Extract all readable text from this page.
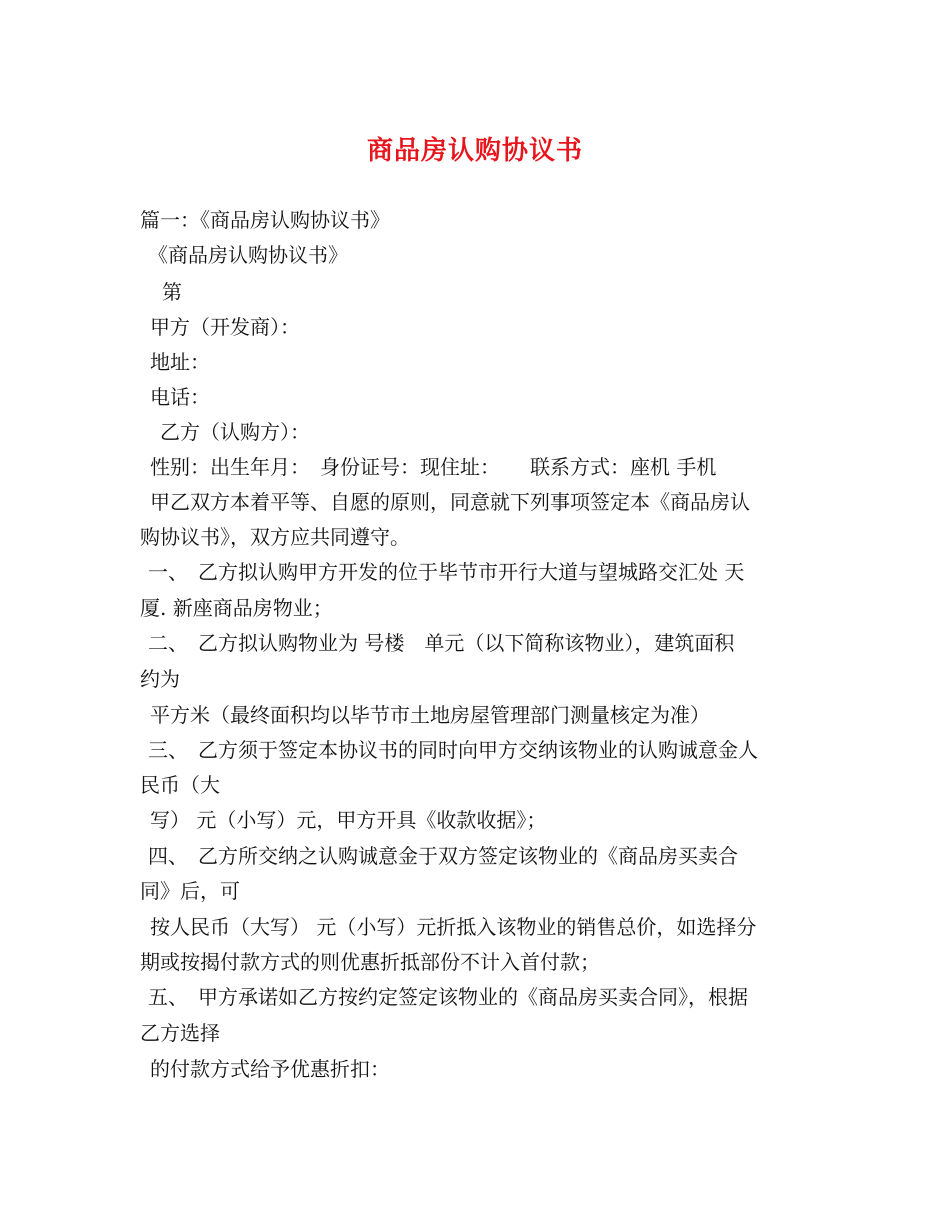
商品房认购协议书
篇一：《商品房认购协议书》
《商品房认购协议书》
第
甲方（开发商）：
地址：
电话：
乙方（认购方）：
性别：出生年月：　身份证号：现住址：　　联系方式：座机 手机
甲乙双方本着平等、自愿的原则，同意就下列事项签定本《商品房认
购协议书》，双方应共同遵守。
一、　乙方拟认购甲方开发的位于毕节市开行大道与望城路交汇处 天
厦. 新座商品房物业；
二、　乙方拟认购物业为 号楼　单元（以下简称该物业），建筑面积
约为
平方米（最终面积均以毕节市土地房屋管理部门测量核定为准）
三、　乙方须于签定本协议书的同时向甲方交纳该物业的认购诚意金人
民币（大
写） 元（小写）元，甲方开具《收款收据》；
四、　乙方所交纳之认购诚意金于双方签定该物业的《商品房买卖合
同》后，可
按人民币（大写） 元（小写）元折抵入该物业的销售总价，如选择分
期或按揭付款方式的则优惠折抵部份不计入首付款；
五、　甲方承诺如乙方按约定签定该物业的《商品房买卖合同》，根据
乙方选择
的付款方式给予优惠折扣：
